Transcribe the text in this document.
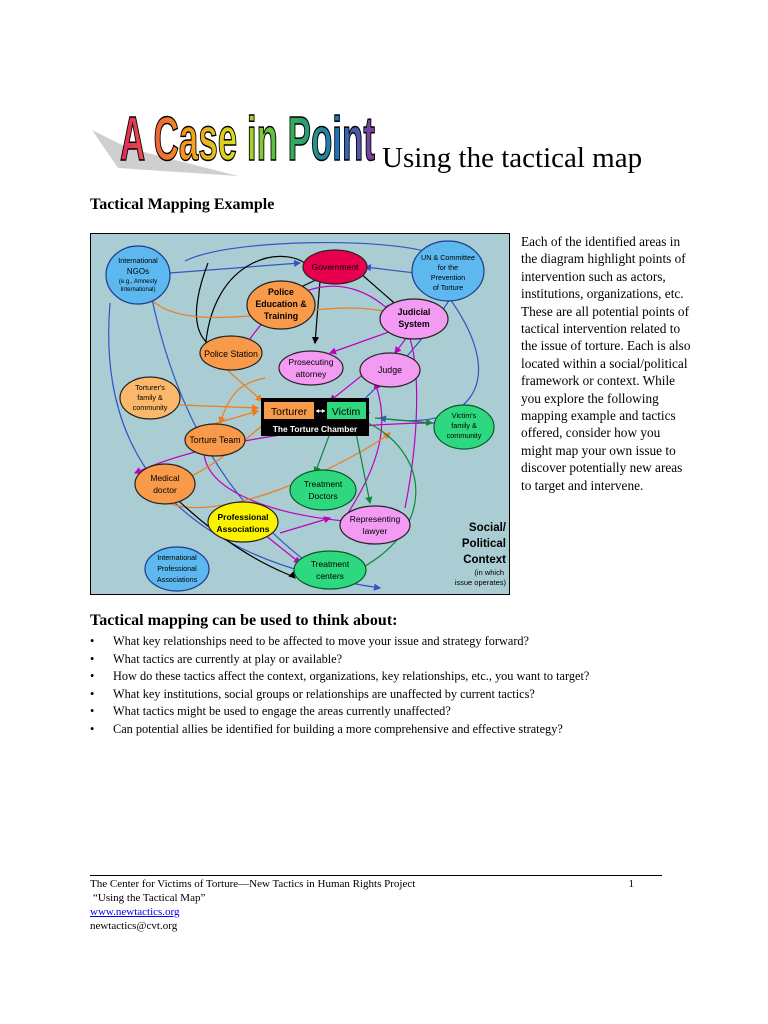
A Case in Point Using the tactical map
Tactical Mapping Example
International NGOs (e.g., Amnesty International)
Government
UN & Committee for the Prevention of Torture
Police Education & Training	Judicial System
Police Station
Prosecuting attorney	Judge
Torturer's family & community	Torturer Victim
The Torture Chamber
Victim's family & community
Torture Team
Medical doctor
Treatment Doctors
Professional Associations
Representing lawyer
International Professional Associations
Treatment centers
Social/ Political Context
(in which issue operates)
Each of the identified areas in the diagram highlight points of intervention such as actors, institutions, organizations, etc. These are all potential points of tactical intervention related to the issue of torture. Each is also located within a social/political framework or context. While you explore the following mapping example and tactics offered, consider how you might map your own issue to discover potentially new areas to target and intervene.
Tactical mapping can be used to think about:
• What key relationships need to be affected to move your issue and strategy forward?
• What tactics are currently at play or available?
• How do these tactics affect the context, organizations, key relationships, etc., you want to target?
• What key institutions, social groups or relationships are unaffected by current tactics?
• What tactics might be used to engage the areas currently unaffected?
• Can potential allies be identified for building a more comprehensive and effective strategy?
The Center for Victims of Torture—New Tactics in Human Rights Project	1
“Using the Tactical Map”
www.newtactics.org
newtactics@cvt.org
